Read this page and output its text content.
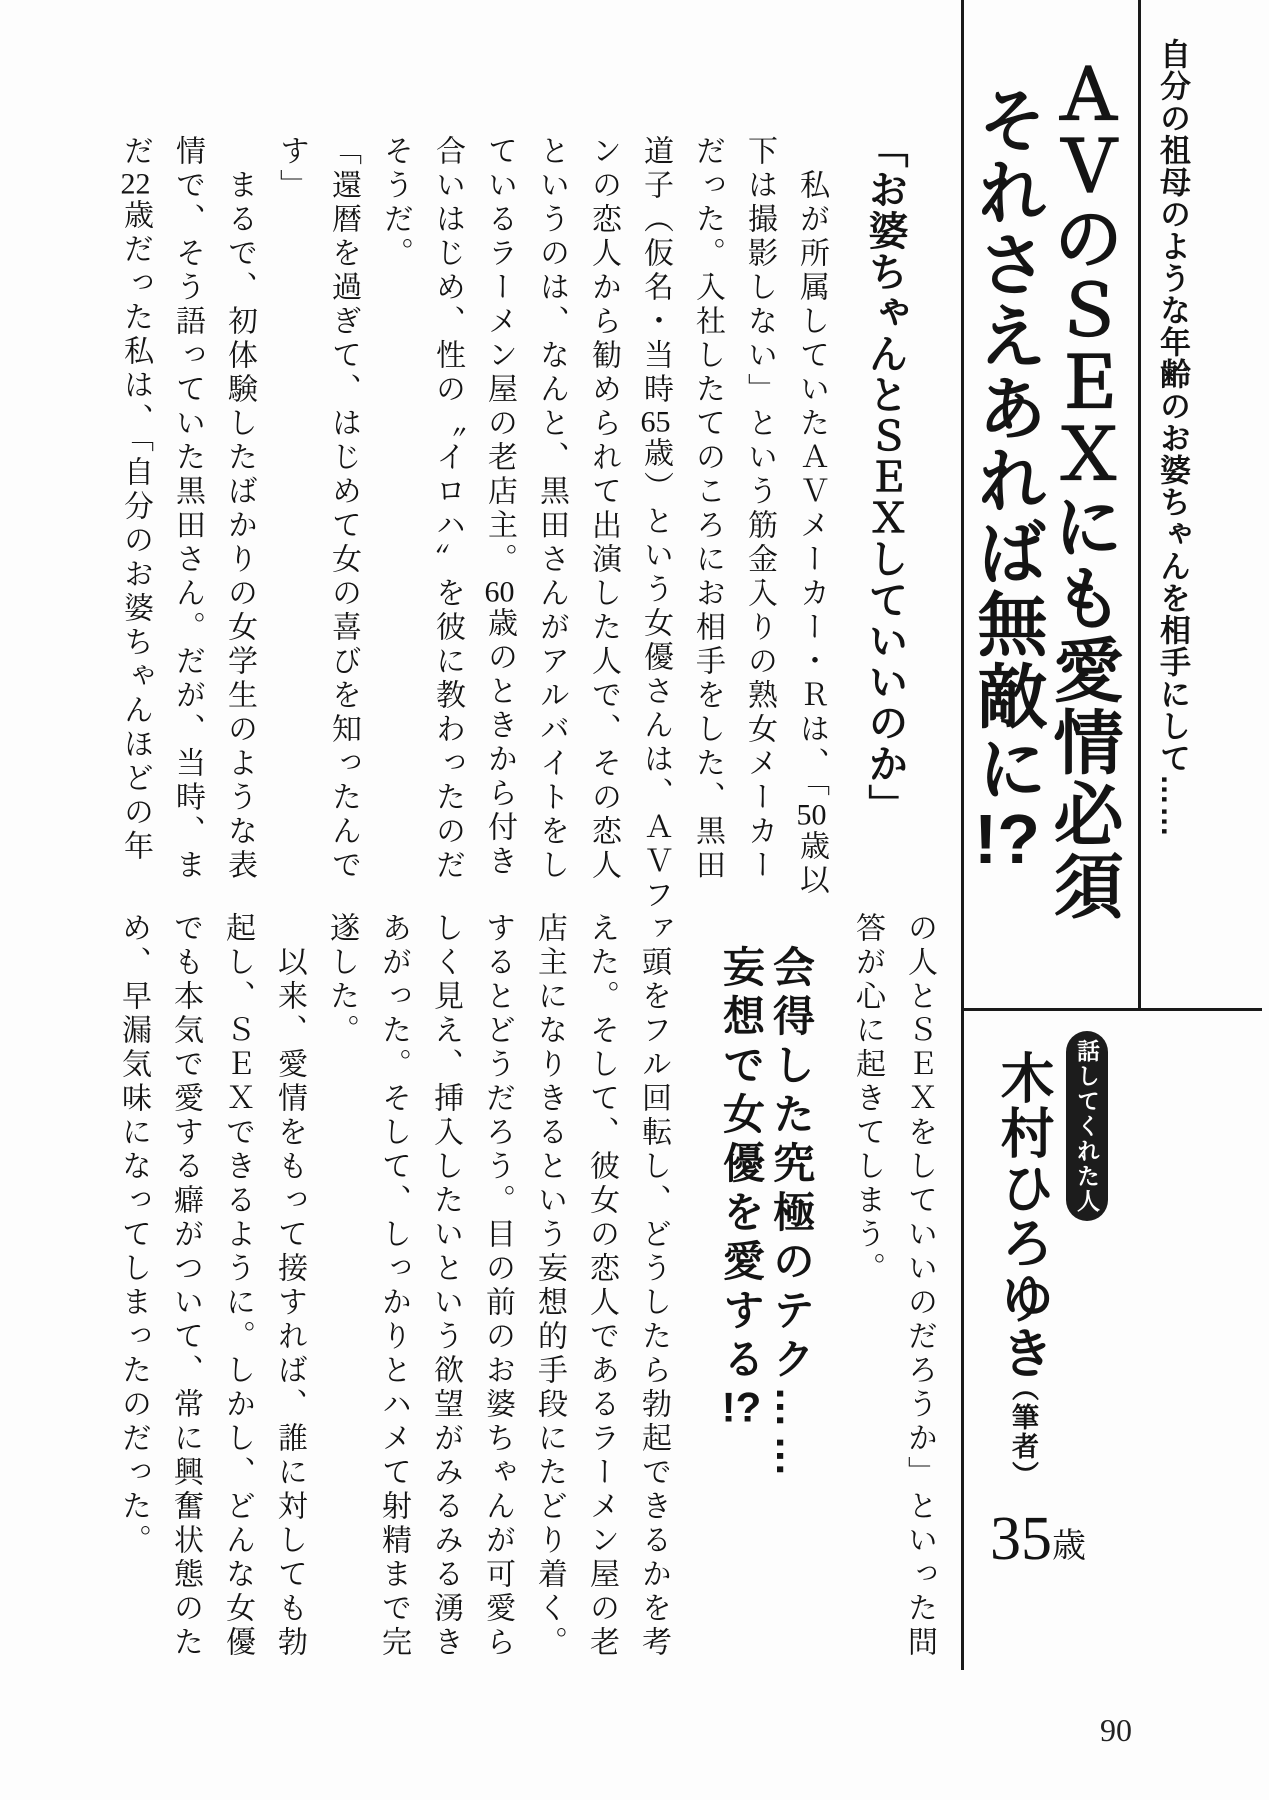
自分の祖母のような年齢のお婆ちゃんを相手にして……
ＡＶのＳＥＸにも愛情必須
それさえあれば無敵に!?
話してくれた人
木村ひろゆき
（筆者）
35 歳
「お婆ちゃんとＳＥＸしていいのか」
　私が所属していたＡＶメーカー・Ｒは、「50歳以
下は撮影しない」という筋金入りの熟女メーカー
だった。入社したてのころにお相手をした、黒田
道子（仮名・当時65歳）という女優さんは、ＡＶファ
ンの恋人から勧められて出演した人で、その恋人
というのは、なんと、黒田さんがアルバイトをし
ているラーメン屋の老店主。60歳のときから付き
合いはじめ、性の〝イロハ〞を彼に教わったのだ
そうだ。
「還暦を過ぎて、はじめて女の喜びを知ったんで
す」
　まるで、初体験したばかりの女学生のような表
情で、そう語っていた黒田さん。だが、当時、ま
だ22歳だった私は、「自分のお婆ちゃんほどの年
の人とＳＥＸをしていいのだろうか」といった問
答が心に起きてしまう。
　頭をフル回転し、どうしたら勃起できるかを考
えた。そして、彼女の恋人であるラーメン屋の老
店主になりきるという妄想的手段にたどり着く。
するとどうだろう。目の前のお婆ちゃんが可愛ら
しく見え、挿入したいという欲望がみるみる湧き
あがった。そして、しっかりとハメて射精まで完
遂した。
　以来、愛情をもって接すれば、誰に対しても勃
起し、ＳＥＸできるように。しかし、どんな女優
でも本気で愛する癖がついて、常に興奮状態のた
め、早漏気味になってしまったのだった。	会得した究極のテク……
妄想で女優を愛する!?
90
